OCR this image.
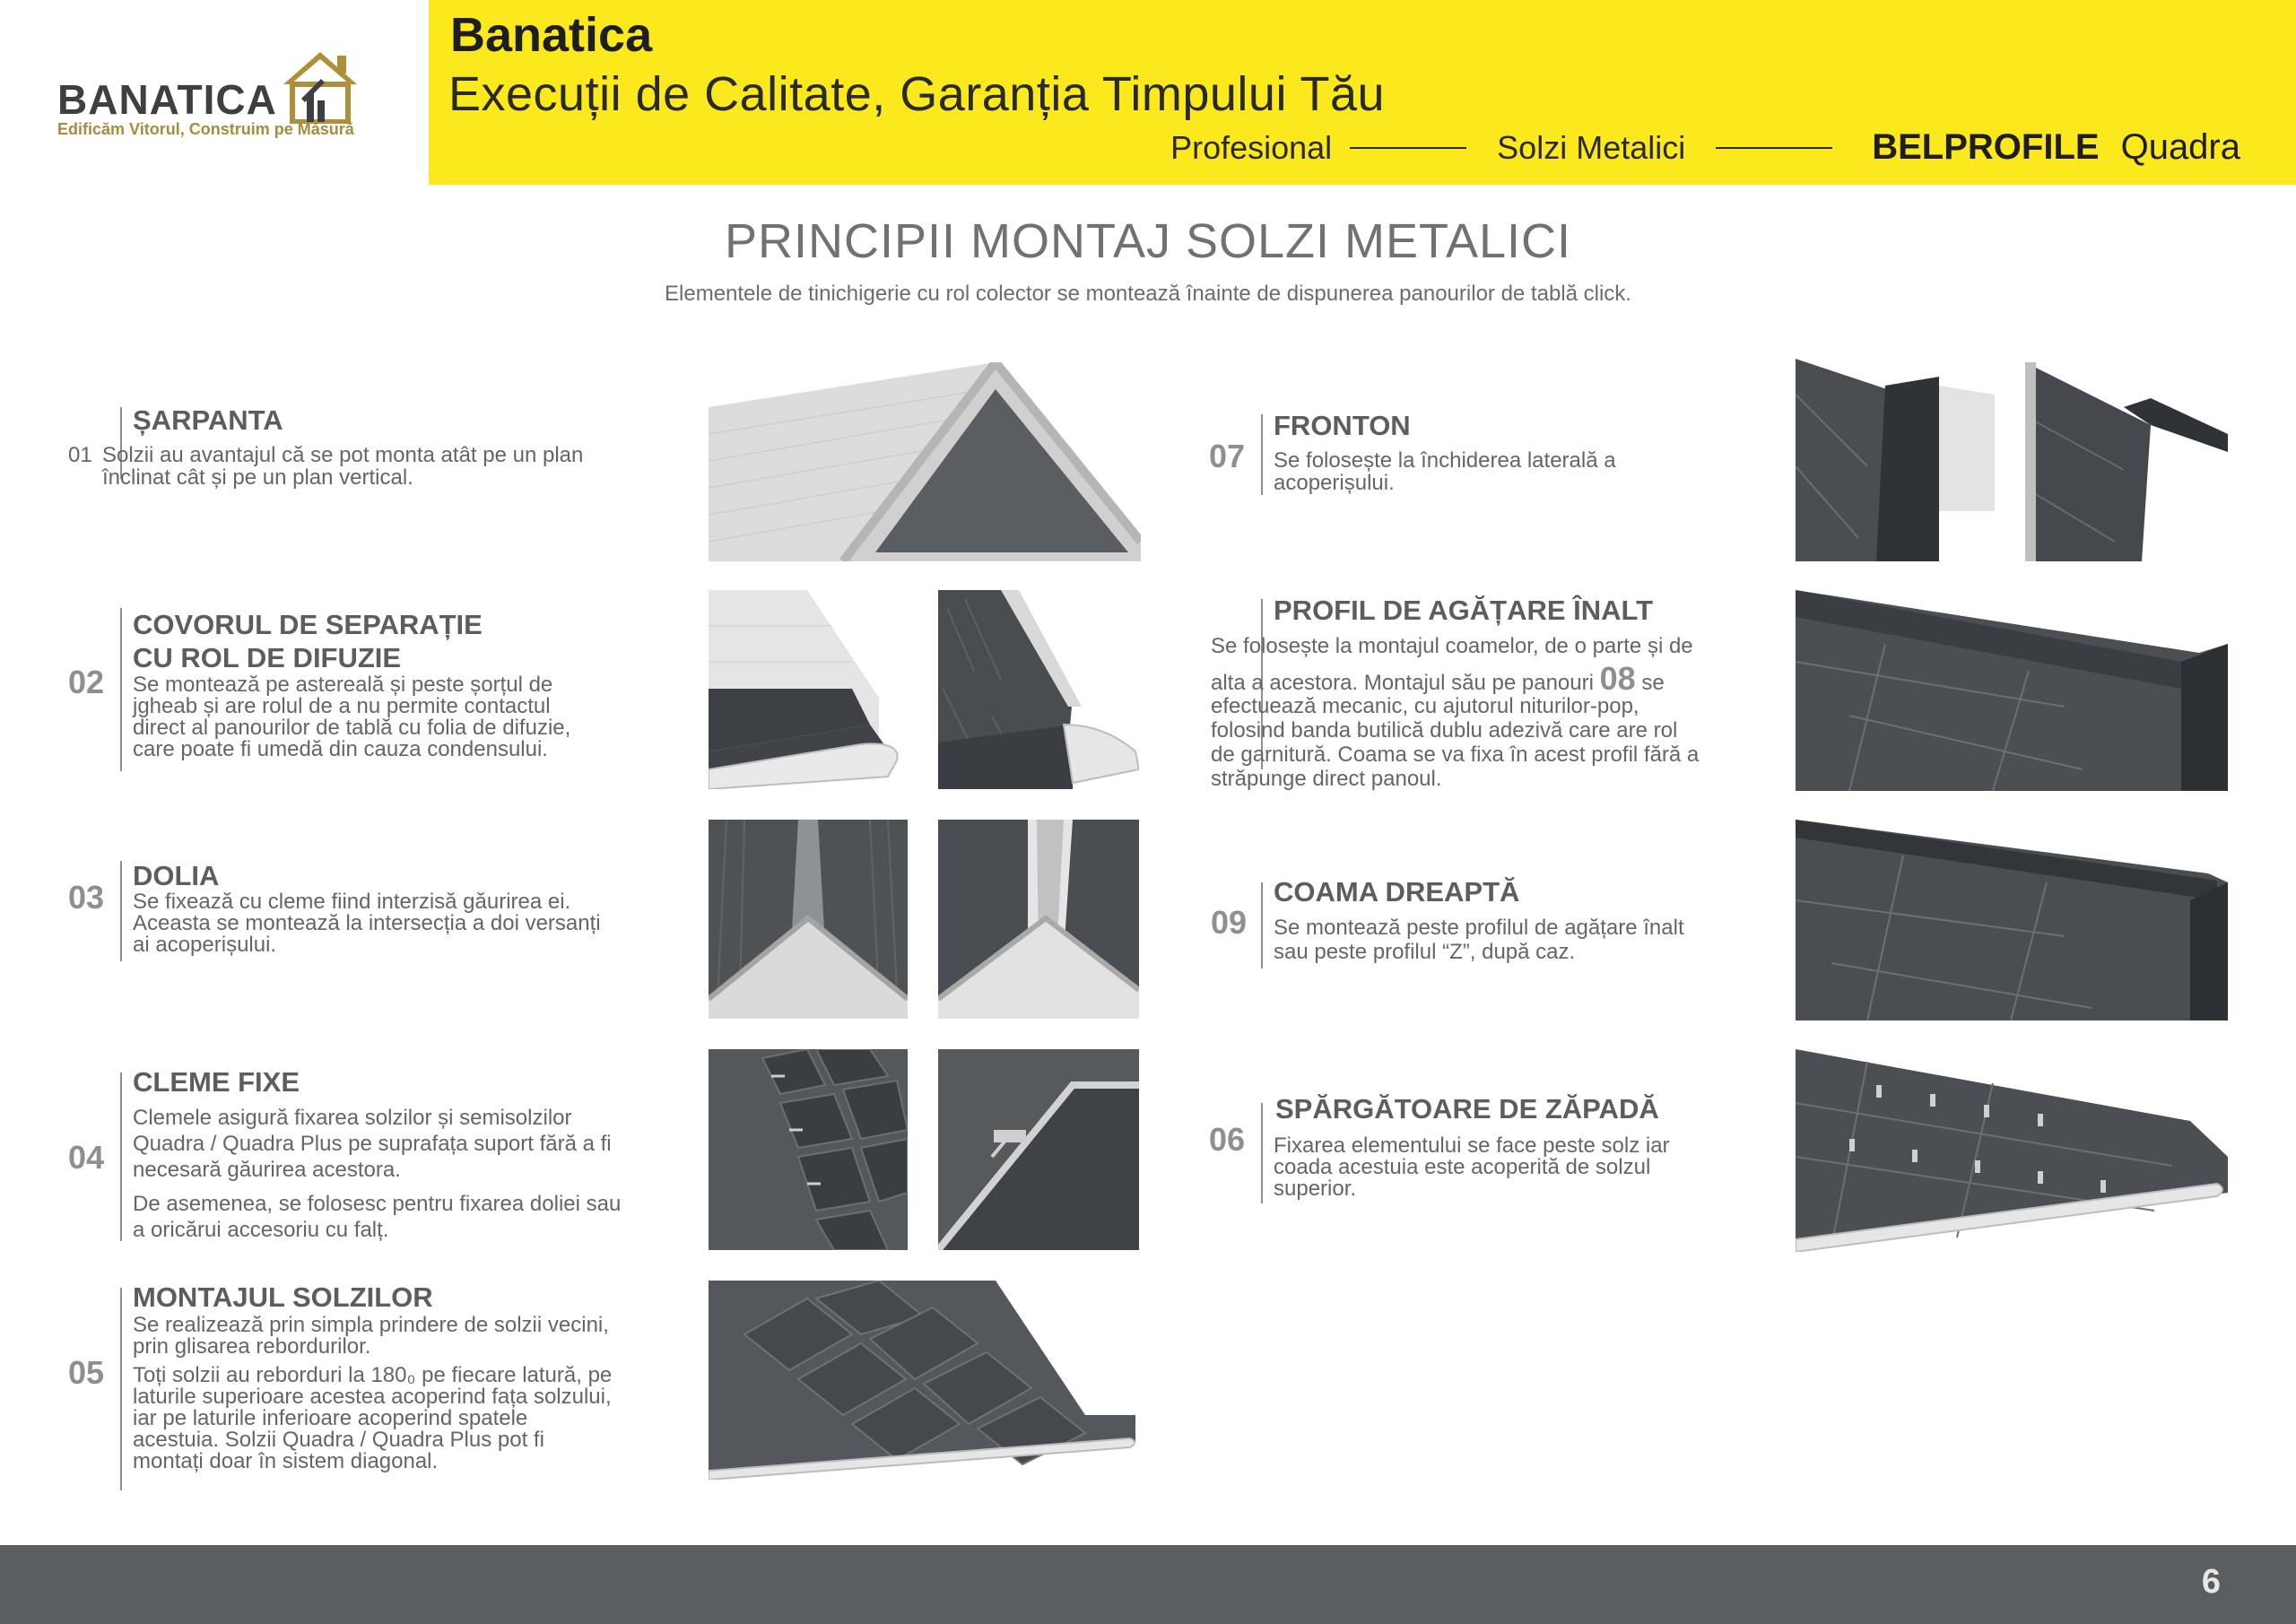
BANATICA
Edificăm Vitorul, Construim pe Măsură
Banatica
Execuții de Calitate, Garanția Timpului Tău
Profesional	Solzi Metalici	BELPROFILE Quadra
PRINCIPII MONTAJ SOLZI METALICI
Elementele de tinichigerie cu rol colector se montează înainte de dispunerea panourilor de tablă click.
ȘARPANTA
01 Solzii au avantajul că se pot monta atât pe un plan
înclinat cât și pe un plan vertical.
02
COVORUL DE SEPARAȚIE
CU ROL DE DIFUZIE
Se montează pe astereală și peste șorțul de
jgheab și are rolul de a nu permite contactul
direct al panourilor de tablă cu folia de difuzie,
care poate fi umedă din cauza condensului.
03
DOLIA
Se fixează cu cleme fiind interzisă găurirea ei.
Aceasta se montează la intersecția a doi versanți
ai acoperișului.
04
CLEME FIXE
Clemele asigură fixarea solzilor și semisolzilor
Quadra / Quadra Plus pe suprafața suport fără a fi
necesară găurirea acestora.
De asemenea, se folosesc pentru fixarea doliei sau
a oricărui accesoriu cu falț.
05
MONTAJUL SOLZILOR
Se realizează prin simpla prindere de solzii vecini,
prin glisarea rebordurilor.
Toți solzii au reborduri la 180₀ pe fiecare latură, pe
laturile superioare acestea acoperind fața solzului,
iar pe laturile inferioare acoperind spatele
acestuia. Solzii Quadra / Quadra Plus pot fi
montați doar în sistem diagonal.
07
FRONTON
Se folosește la închiderea laterală a
acoperișului.
PROFIL DE AGĂȚARE ÎNALT
Se folosește la montajul coamelor, de o parte și de
alta a acestora. Montajul său pe panouri 08 se
efectuează mecanic, cu ajutorul niturilor-pop,
folosind banda butilică dublu adezivă care are rol
de garnitură. Coama se va fixa în acest profil fără a
străpunge direct panoul.
09
COAMA DREAPTĂ
Se montează peste profilul de agățare înalt
sau peste profilul “Z”, după caz.
06
SPĂRGĂTOARE DE ZĂPADĂ
Fixarea elementului se face peste solz iar
coada acestuia este acoperită de solzul
superior.
6
